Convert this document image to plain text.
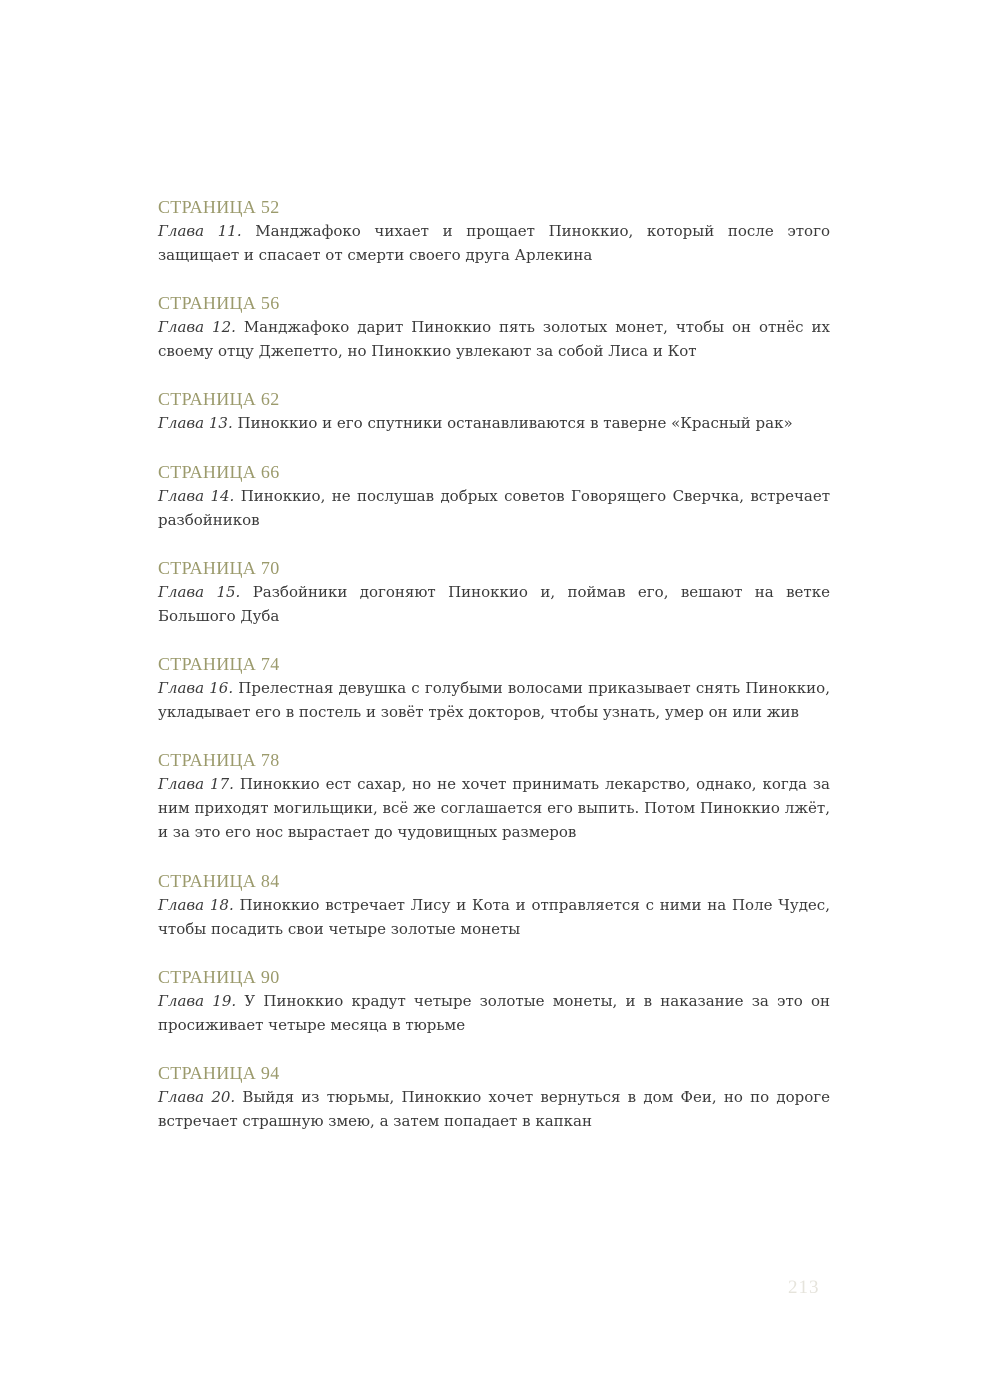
СТРАНИЦА 52
Глава 11. Манджафоко чихает и прощает Пиноккио, который после этого защищает и спасает от смерти своего друга Арлекина
СТРАНИЦА 56
Глава 12. Манджафоко дарит Пиноккио пять золотых монет, чтобы он отнёс их своему отцу Джепетто, но Пиноккио увлекают за собой Лиса и Кот
СТРАНИЦА 62
Глава 13. Пиноккио и его спутники останавливаются в таверне «Красный рак»
СТРАНИЦА 66
Глава 14. Пиноккио, не послушав добрых советов Говорящего Сверчка, встречает разбойников
СТРАНИЦА 70
Глава 15. Разбойники догоняют Пиноккио и, поймав его, вешают на ветке Большого Дуба
СТРАНИЦА 74
Глава 16. Прелестная девушка с голубыми волосами приказывает снять Пиноккио, укладывает его в постель и зовёт трёх докторов, чтобы узнать, умер он или жив
СТРАНИЦА 78
Глава 17. Пиноккио ест сахар, но не хочет принимать лекарство, однако, когда за ним приходят могильщики, всё же соглашается его выпить. Потом Пиноккио лжёт, и за это его нос вырастает до чудовищных размеров
СТРАНИЦА 84
Глава 18. Пиноккио встречает Лису и Кота и отправляется с ними на Поле Чудес, чтобы посадить свои четыре золотые монеты
СТРАНИЦА 90
Глава 19. У Пиноккио крадут четыре золотые монеты, и в наказание за это он просиживает четыре месяца в тюрьме
СТРАНИЦА 94
Глава 20. Выйдя из тюрьмы, Пиноккио хочет вернуться в дом Феи, но по дороге встречает страшную змею, а затем попадает в капкан
213
